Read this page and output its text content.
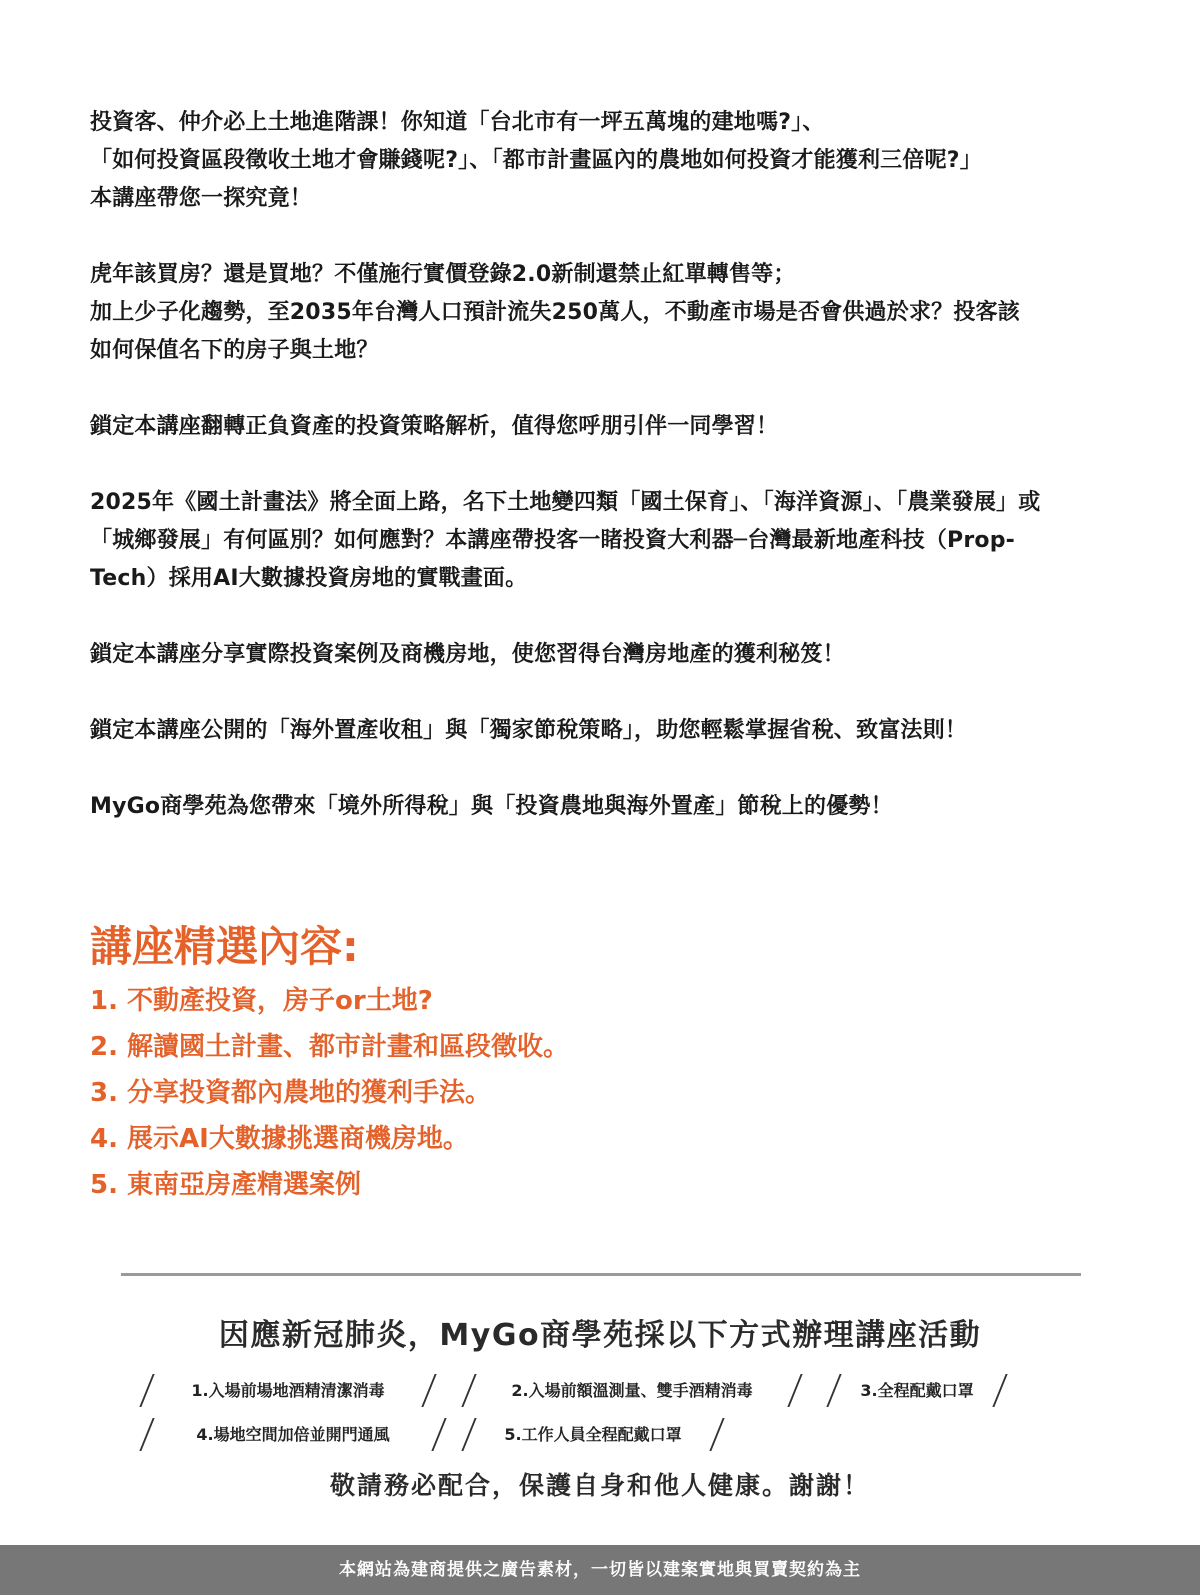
投資客、仲介必上土地進階課！你知道「台北市有一坪五萬塊的建地嗎?」、
「如何投資區段徵收土地才會賺錢呢?」、「都市計畫區內的農地如何投資才能獲利三倍呢?」
本講座帶您一探究竟！

虎年該買房？還是買地？不僅施行實價登錄2.0新制還禁止紅單轉售等；
加上少子化趨勢，至2035年台灣人口預計流失250萬人，不動產市場是否會供過於求？投客該
如何保值名下的房子與土地？

鎖定本講座翻轉正負資產的投資策略解析，值得您呼朋引伴一同學習！

2025年《國土計畫法》將全面上路，名下土地變四類「國土保育」、「海洋資源」、「農業發展」或
「城鄉發展」有何區別？如何應對？本講座帶投客一睹投資大利器─台灣最新地產科技（Prop-
Tech）採用AI大數據投資房地的實戰畫面。

鎖定本講座分享實際投資案例及商機房地，使您習得台灣房地產的獲利秘笈！

鎖定本講座公開的「海外置產收租」與「獨家節稅策略」，助您輕鬆掌握省稅、致富法則！

MyGo商學苑為您帶來「境外所得稅」與「投資農地與海外置產」節稅上的優勢！

講座精選內容:
1. 不動產投資，房子or土地?
2. 解讀國土計畫、都市計畫和區段徵收。
3. 分享投資都內農地的獲利手法。
4. 展示AI大數據挑選商機房地。
5. 東南亞房產精選案例
因應新冠肺炎，MyGo商學苑採以下方式辦理講座活動
1.入場前場地酒精清潔消毒	2.入場前額溫測量、雙手酒精消毒	3.全程配戴口罩
4.場地空間加倍並開門通風	5.工作人員全程配戴口罩
敬請務必配合，保護自身和他人健康。謝謝！
本網站為建商提供之廣告素材，一切皆以建案實地與買賣契約為主
